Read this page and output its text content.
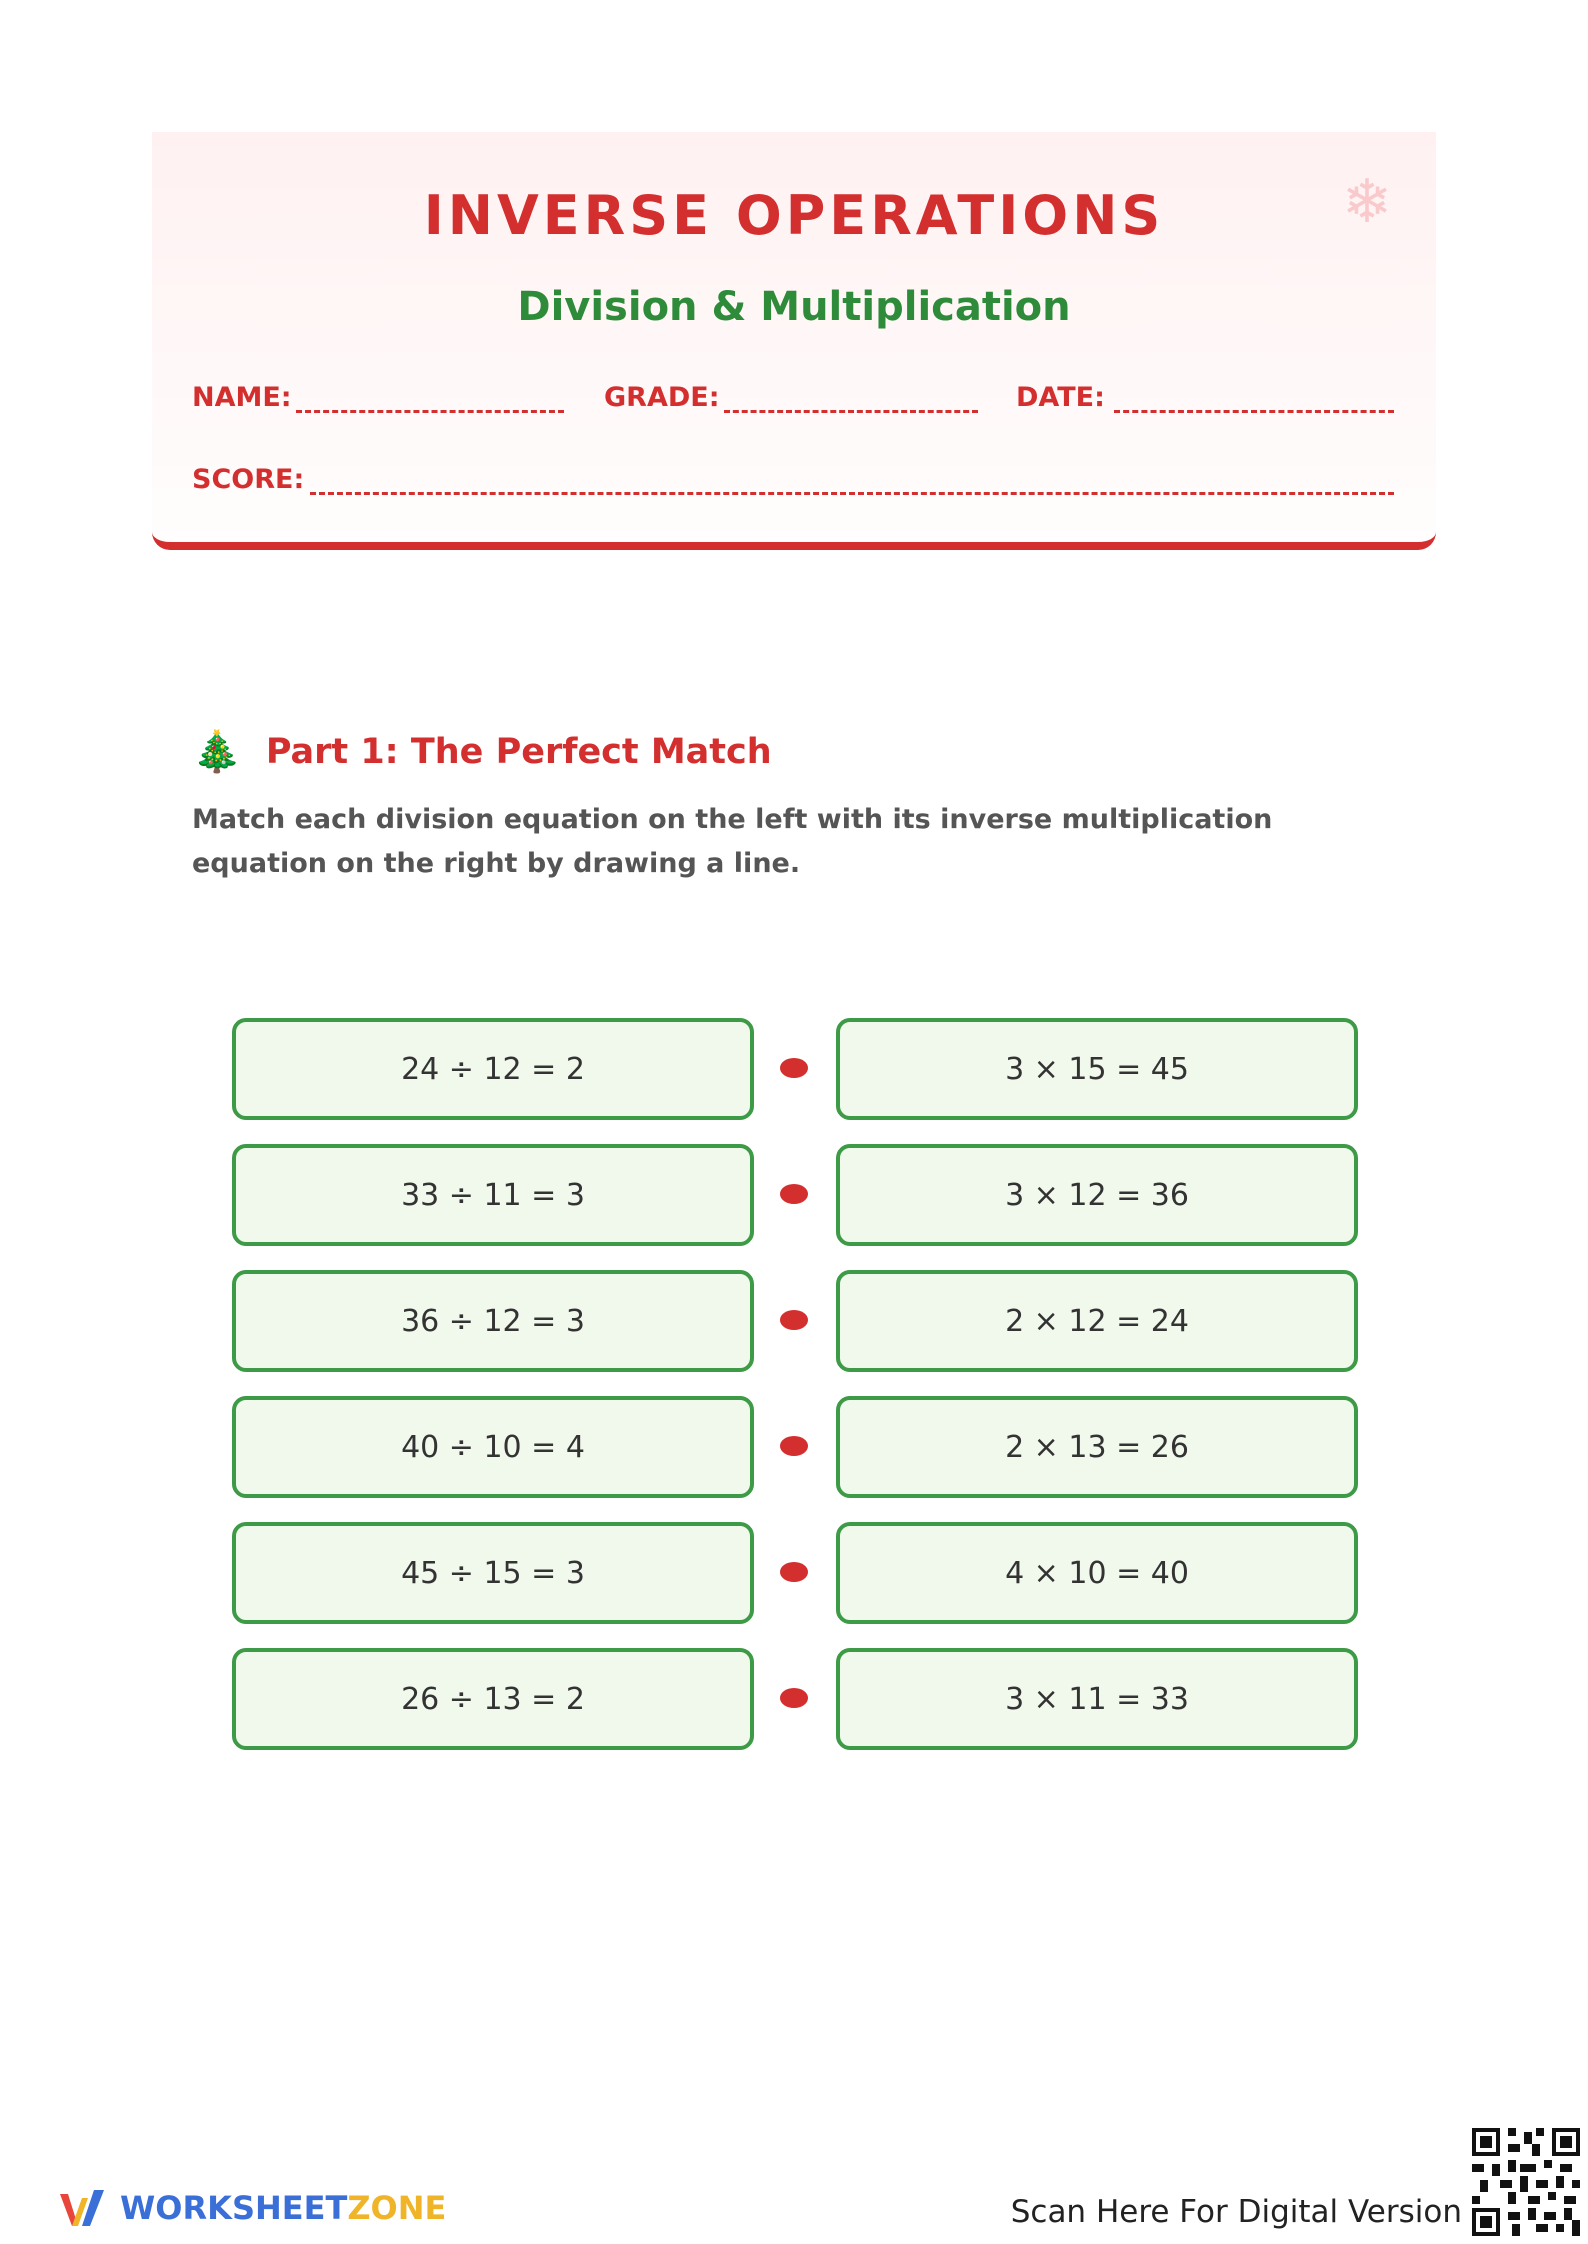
❄
INVERSE OPERATIONS
Division & Multiplication
NAME:	GRADE:	DATE:
SCORE:
🎄 Part 1: The Perfect Match
Match each division equation on the left with its inverse multiplication equation on the right by drawing a line.
24 ÷ 12 = 2	3 × 15 = 45
33 ÷ 11 = 3	3 × 12 = 36
36 ÷ 12 = 3	2 × 12 = 24
40 ÷ 10 = 4	2 × 13 = 26
45 ÷ 15 = 3	4 × 10 = 40
26 ÷ 13 = 2	3 × 11 = 33
WORKSHEET ZONE	Scan Here For Digital Version
